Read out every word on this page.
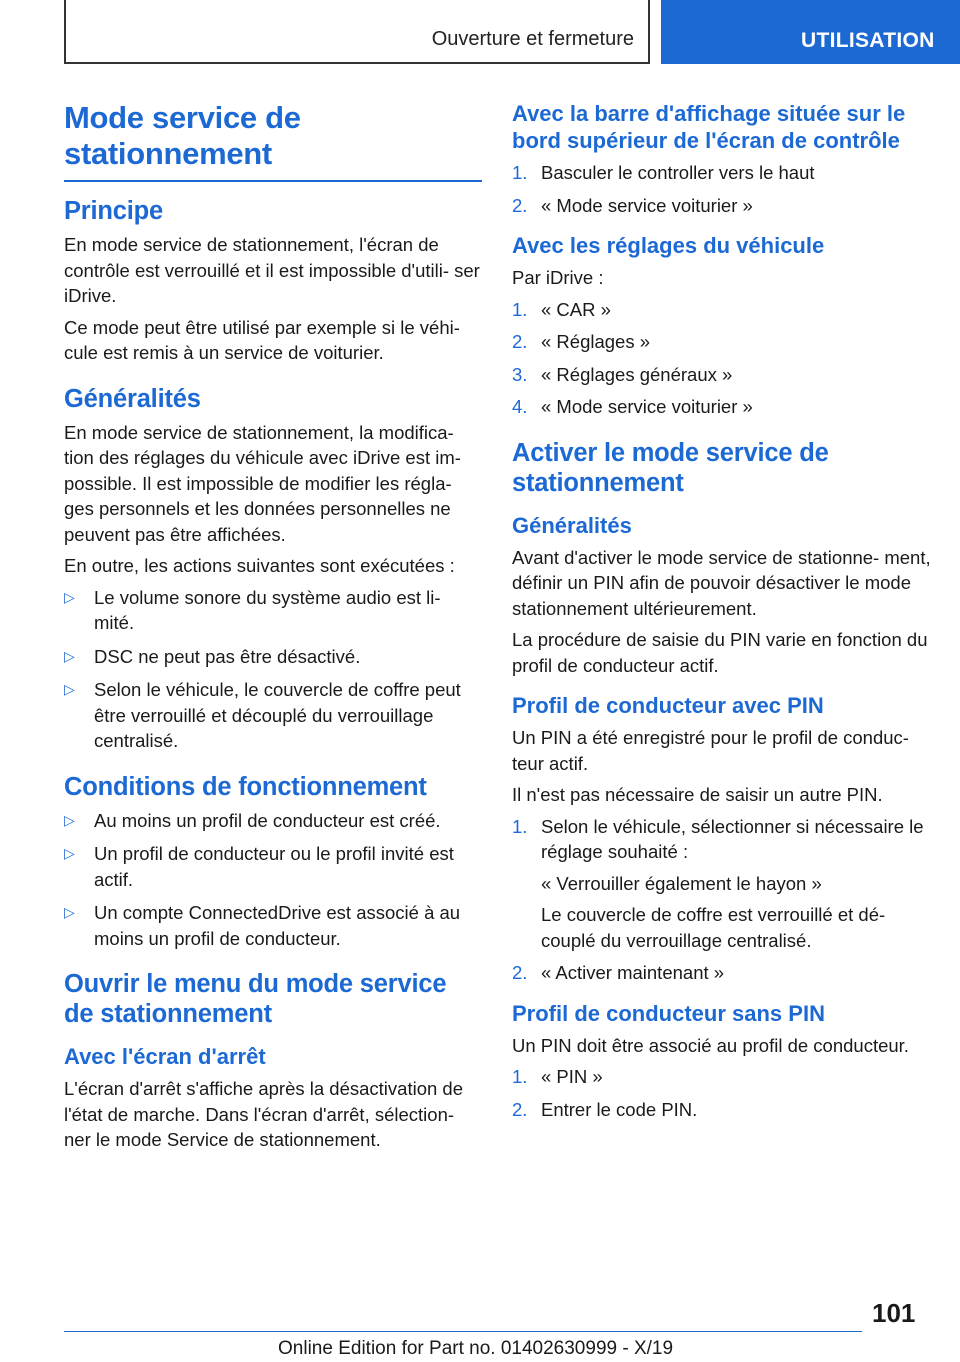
Ouverture et fermeture	UTILISATION
Mode service de stationnement
Principe

En mode service de stationnement, l'écran de contrôle est verrouillé et il est impossible d'utili‐ ser iDrive.

Ce mode peut être utilisé par exemple si le véhi‐ cule est remis à un service de voiturier.

Généralités

En mode service de stationnement, la modifica‐ tion des réglages du véhicule avec iDrive est im‐ possible. Il est impossible de modifier les régla‐ ges personnels et les données personnelles ne peuvent pas être affichées.

En outre, les actions suivantes sont exécutées :

▷ Le volume sonore du système audio est li‐ mité.
▷ DSC ne peut pas être désactivé.
▷ Selon le véhicule, le couvercle de coffre peut être verrouillé et découplé du verrouillage centralisé.
Conditions de fonctionnement
▷ Au moins un profil de conducteur est créé.
▷ Un profil de conducteur ou le profil invité est actif.
▷ Un compte ConnectedDrive est associé à au moins un profil de conducteur.
Ouvrir le menu du mode service de stationnement
Avec l'écran d'arrêt

L'écran d'arrêt s'affiche après la désactivation de l'état de marche. Dans l'écran d'arrêt, sélection‐ ner le mode Service de stationnement.

Avec la barre d'affichage située sur le bord supérieur de l'écran de contrôle
1. Basculer le controller vers le haut
2. « Mode service voiturier »
Avec les réglages du véhicule

Par iDrive :

1. « CAR »
2. « Réglages »
3. « Réglages généraux »
4. « Mode service voiturier »
Activer le mode service de stationnement
Généralités

Avant d'activer le mode service de stationne‐ ment, définir un PIN afin de pouvoir désactiver le mode stationnement ultérieurement.

La procédure de saisie du PIN varie en fonction du profil de conducteur actif.

Profil de conducteur avec PIN

Un PIN a été enregistré pour le profil de conduc‐ teur actif.

Il n'est pas nécessaire de saisir un autre PIN.

1. Selon le véhicule, sélectionner si nécessaire le réglage souhaité :
« Verrouiller également le hayon »
Le couvercle de coffre est verrouillé et dé‐ couplé du verrouillage centralisé.
2. « Activer maintenant »
Profil de conducteur sans PIN

Un PIN doit être associé au profil de conducteur.

1. « PIN »
2. Entrer le code PIN.
101
Online Edition for Part no. 01402630999 - X/19
